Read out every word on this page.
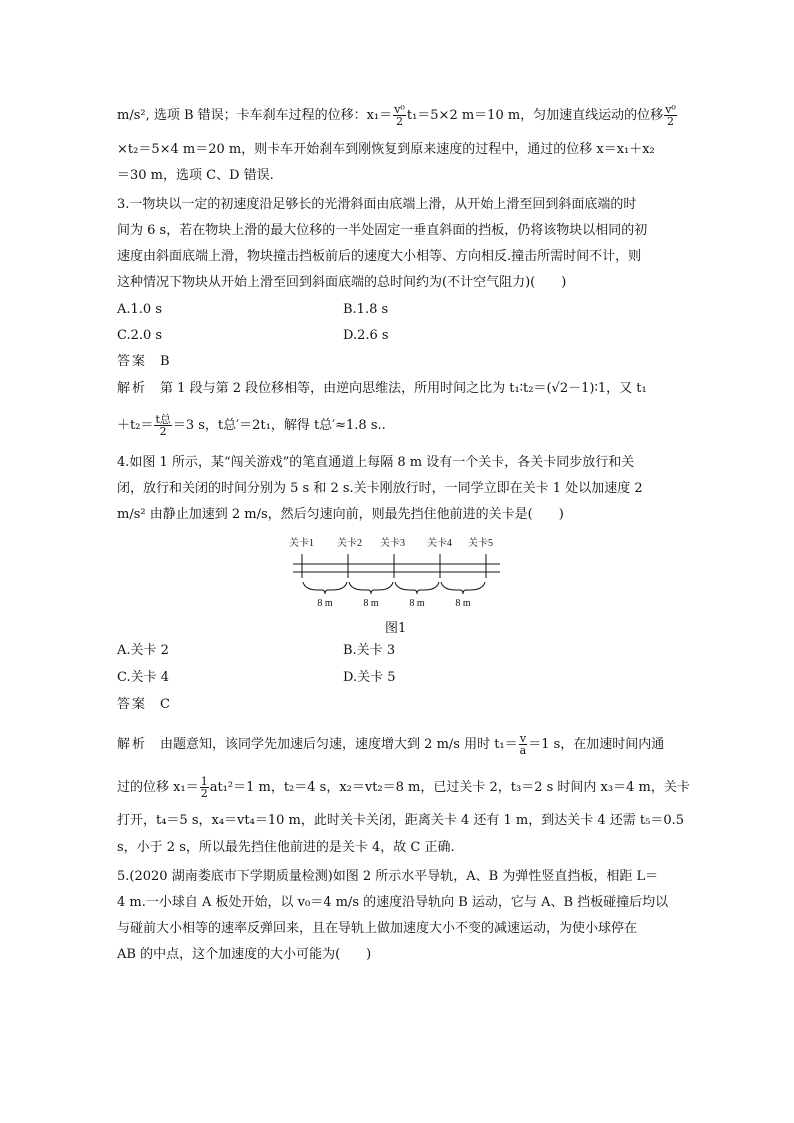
m/s², 选项 B 错误；卡车刹车过程的位移：$x_1= \frac{\text{v⁰}}{2} t_1=5\times 2$ m＝10 m，匀加速直线运动的位移 $\frac{\text{v⁰}}{2}$
×t₂＝5×4 m＝20 m，则卡车开始刹车到刚恢复到原来速度的过程中，通过的位移 x＝x₁＋x₂
＝30 m，选项 C、D 错误.
3.一物块以一定的初速度沿足够长的光滑斜面由底端上滑，从开始上滑至回到斜面底端的时
间为 6 s，若在物块上滑的最大位移的一半处固定一垂直斜面的挡板，仍将该物块以相同的初
速度由斜面底端上滑，物块撞击挡板前后的速度大小相等、方向相反.撞击所需时间不计，则
这种情况下物块从开始上滑至回到斜面底端的总时间约为(不计空气阻力)(　　)
A.1.0 s	B.1.8 s
C.2.0 s	D.2.6 s
答案　 B
解析　 第 1 段与第 2 段位移相等，由逆向思维法，所用时间之比为 t₁∶t₂＝(√2－1)∶1，又 t₁
$+t_2= \frac{\text{t总}}{2} =3$ s，t总′＝2t₁，解得 t总′≈1.8 s..
4.如图 1 所示，某“闯关游戏”的笔直通道上每隔 8 m 设有一个关卡，各关卡同步放行和关
闭，放行和关闭的时间分别为 5 s 和 2 s.关卡刚放行时，一同学立即在关卡 1 处以加速度 2
m/s² 由静止加速到 2 m/s，然后匀速向前，则最先挡住他前进的关卡是(　　)
关卡1 关卡2 关卡3 关卡4 关卡5
8 m	8 m	8 m	8 m
图1
A.关卡 2	B.关卡 3
C.关卡 4	D.关卡 5
答案　 C
解析　 由题意知，该同学先加速后匀速，速度增大到 2 m/s 用时 $t_1= \frac{v}{a} =1$ s，在加速时间内通
过的位移 $x_1= \frac{1}{2} at_1^2=1$ m，t₂＝4 s，x₂＝vt₂＝8 m，已过关卡 2，t₃＝2 s 时间内 x₃＝4 m，关卡
打开，t₄＝5 s，x₄＝vt₄＝10 m，此时关卡关闭，距离关卡 4 还有 1 m，到达关卡 4 还需 t₅＝0.5
s，小于 2 s，所以最先挡住他前进的是关卡 4，故 C 正确.
5.(2020 湖南娄底市下学期质量检测)如图 2 所示水平导轨，A、B 为弹性竖直挡板，相距 L＝
4 m.一小球自 A 板处开始，以 v₀＝4 m/s 的速度沿导轨向 B 运动，它与 A、B 挡板碰撞后均以
与碰前大小相等的速率反弹回来，且在导轨上做加速度大小不变的减速运动，为使小球停在
AB 的中点，这个加速度的大小可能为(　　)
